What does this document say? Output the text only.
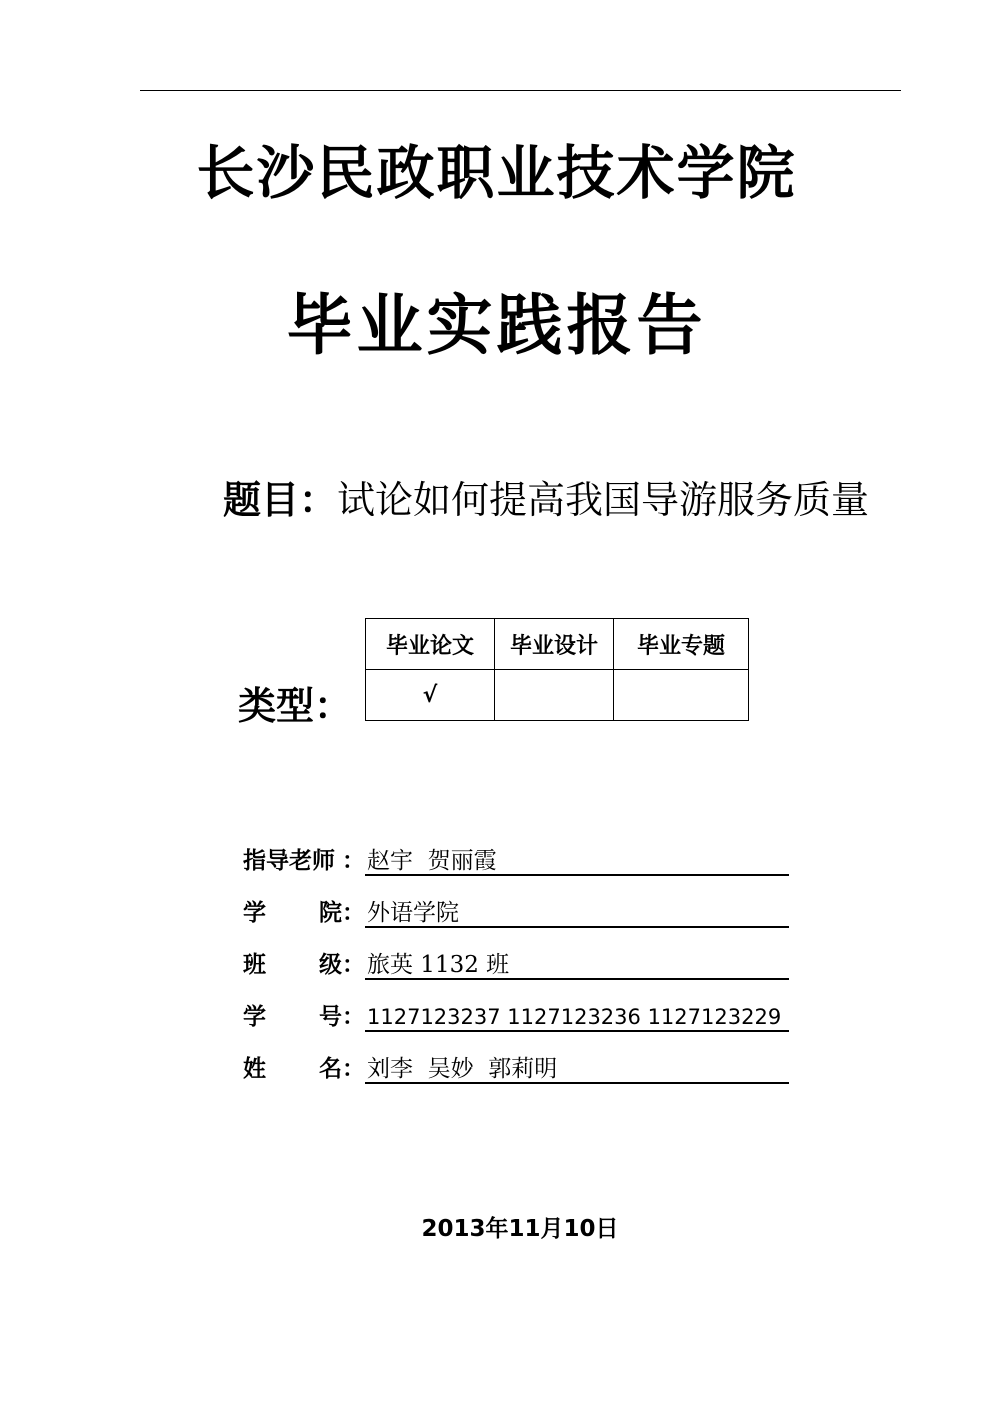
长沙民政职业技术学院
毕业实践报告
题目：试论如何提高我国导游服务质量
类型：
毕业论文	毕业设计	毕业专题
√		
指导老师 ： 赵宇  贺丽霞
学 院： 外语学院
班 级： 旅英 1132 班
学 号： 1127123237 1127123236 1127123229
姓 名： 刘李  吴妙  郭莉明
2013年11月10日
